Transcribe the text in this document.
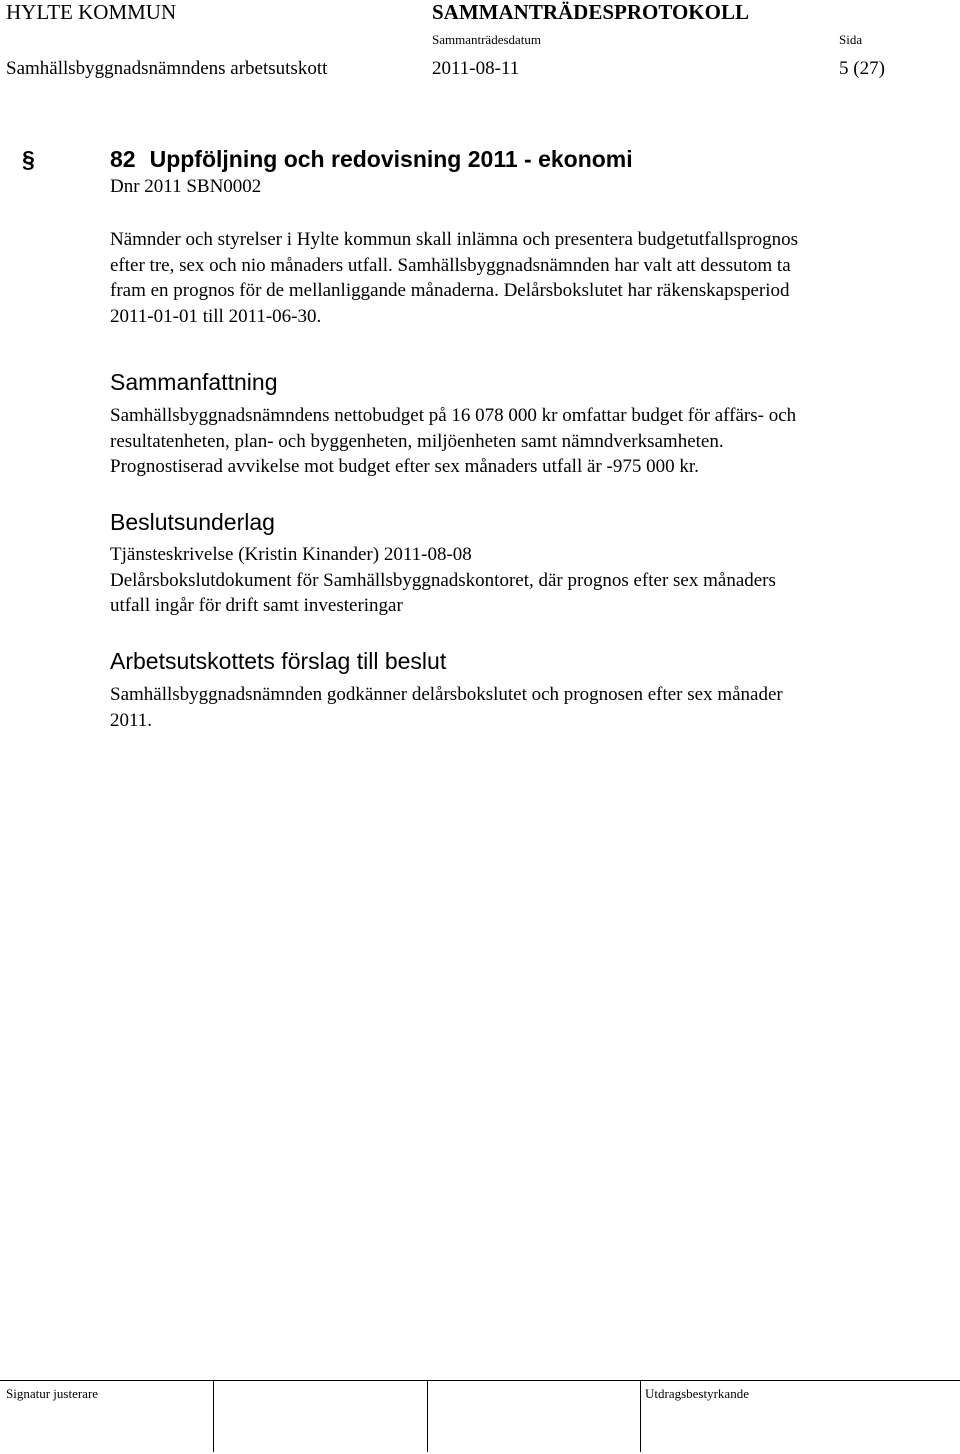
HYLTE KOMMUN	SAMMANTRÄDESPROTOKOLL
Sammanträdesdatum	Sida
Samhällsbyggnadsnämndens arbetsutskott	2011-08-11	5 (27)
§	82 Uppföljning och redovisning 2011 - ekonomi
Dnr 2011 SBN0002

Nämnder och styrelser i Hylte kommun skall inlämna och presentera budgetutfallsprognos
efter tre, sex och nio månaders utfall. Samhällsbyggnadsnämnden har valt att dessutom ta
fram en prognos för de mellanliggande månaderna. Delårsbokslutet har räkenskapsperiod
2011-01-01 till 2011-06-30.

Sammanfattning

Samhällsbyggnadsnämndens nettobudget på 16 078 000 kr omfattar budget för affärs- och
resultatenheten, plan- och byggenheten, miljöenheten samt nämndverksamheten.
Prognostiserad avvikelse mot budget efter sex månaders utfall är -975 000 kr.

Beslutsunderlag

Tjänsteskrivelse (Kristin Kinander) 2011-08-08

Delårsbokslutdokument för Samhällsbyggnadskontoret, där prognos efter sex månaders
utfall ingår för drift samt investeringar

Arbetsutskottets förslag till beslut

Samhällsbyggnadsnämnden godkänner delårsbokslutet och prognosen efter sex månader
2011.

Signatur justerare	Utdragsbestyrkande
